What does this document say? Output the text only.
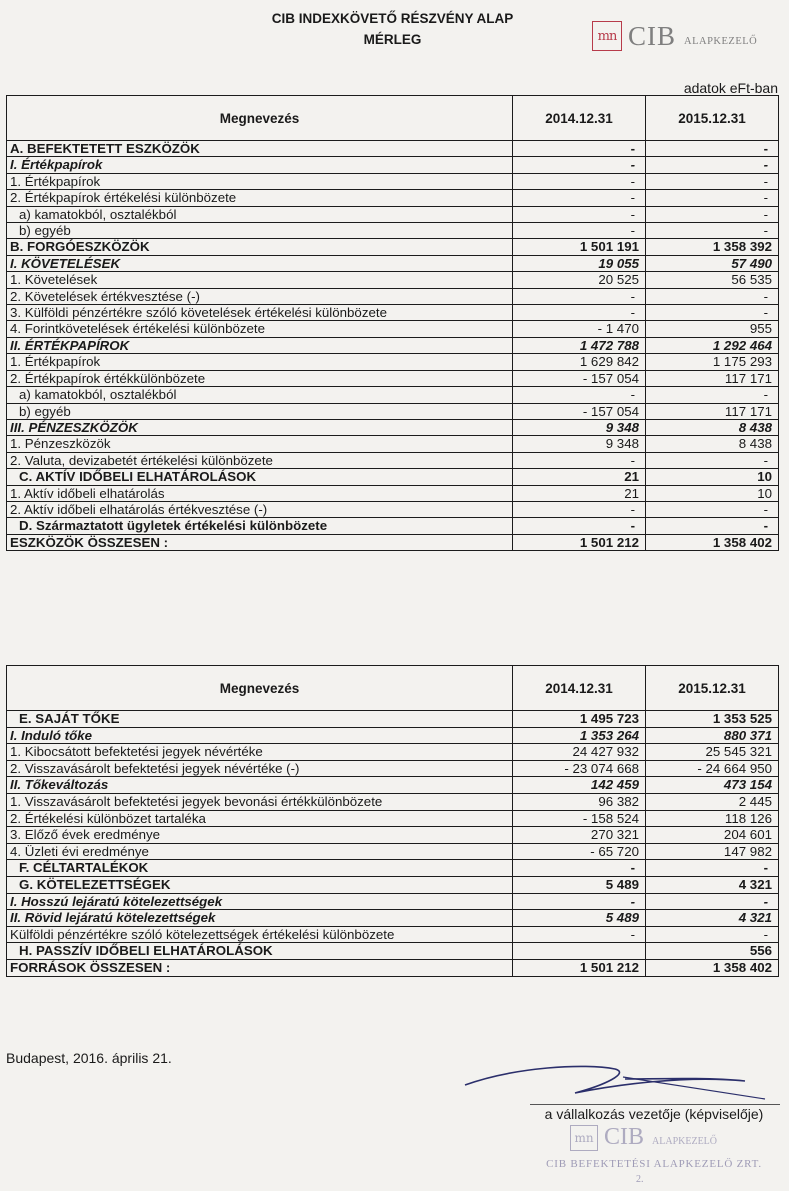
CIB INDEXKÖVETŐ RÉSZVÉNY ALAP
MÉRLEG	mn CIB ALAPKEZELŐ
adatok eFt-ban
Megnevezés	2014.12.31	2015.12.31
A. BEFEKTETETT ESZKÖZÖK	-	-
I. Értékpapírok	-	-
1. Értékpapírok	-	-
2. Értékpapírok értékelési különbözete	-	-
a) kamatokból, osztalékból	-	-
b) egyéb	-	-
B. FORGÓESZKÖZÖK	1 501 191	1 358 392
I. KÖVETELÉSEK	19 055	57 490
1. Követelések	20 525	56 535
2. Követelések értékvesztése (-)	-	-
3. Külföldi pénzértékre szóló követelések értékelési különbözete	-	-
4. Forintkövetelések értékelési különbözete	- 1 470	955
II. ÉRTÉKPAPÍROK	1 472 788	1 292 464
1. Értékpapírok	1 629 842	1 175 293
2. Értékpapírok értékkülönbözete	- 157 054	117 171
a) kamatokból, osztalékból	-	-
b) egyéb	- 157 054	117 171
III. PÉNZESZKÖZÖK	9 348	8 438
1. Pénzeszközök	9 348	8 438
2. Valuta, devizabetét értékelési különbözete	-	-
C. AKTÍV IDŐBELI ELHATÁROLÁSOK	21	10
1. Aktív időbeli elhatárolás	21	10
2. Aktív időbeli elhatárolás értékvesztése (-)	-	-
D. Származtatott ügyletek értékelési különbözete	-	-
ESZKÖZÖK ÖSSZESEN :	1 501 212	1 358 402
Megnevezés	2014.12.31	2015.12.31
E. SAJÁT TŐKE	1 495 723	1 353 525
I. Induló tőke	1 353 264	880 371
1. Kibocsátott befektetési jegyek névértéke	24 427 932	25 545 321
2. Visszavásárolt befektetési jegyek névértéke (-)	- 23 074 668	- 24 664 950
II. Tőkeváltozás	142 459	473 154
1. Visszavásárolt befektetési jegyek bevonási értékkülönbözete	96 382	2 445
2. Értékelési különbözet tartaléka	- 158 524	118 126
3. Előző évek eredménye	270 321	204 601
4. Üzleti évi eredménye	- 65 720	147 982
F. CÉLTARTALÉKOK	-	-
G. KÖTELEZETTSÉGEK	5 489	4 321
I. Hosszú lejáratú kötelezettségek	-	-
II. Rövid lejáratú kötelezettségek	5 489	4 321
Külföldi pénzértékre szóló kötelezettségek értékelési különbözete	-	-
H. PASSZÍV IDŐBELI ELHATÁROLÁSOK		556
FORRÁSOK ÖSSZESEN :	1 501 212	1 358 402
Budapest, 2016. április 21.
a vállalkozás vezetője (képviselője)
mn CIB ALAPKEZELŐ
CIB BEFEKTETÉSI ALAPKEZELŐ ZRT.
2.
